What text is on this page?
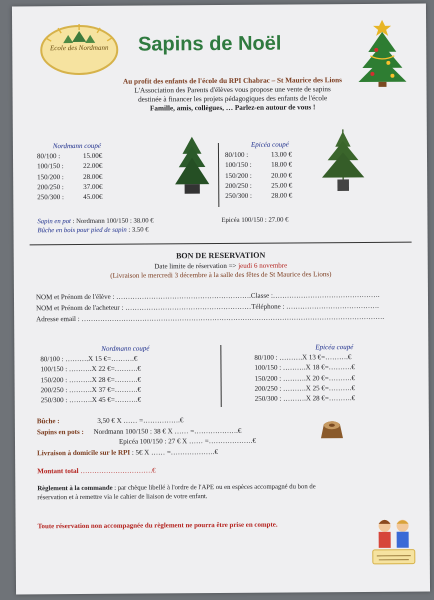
Ecole des Nordmann	Sapins de Noël
Au profit des enfants de l'école du RPI Chabrac – St Maurice des Lions
L'Association des Parents d'élèves vous propose une vente de sapins
destinée à financer les projets pédagogiques des enfants de l'école
Famille, amis, collègues, … Parlez-en autour de vous !
Nordmann coupé
80/100 :	15.00€
100/150 :	22.00€
150/200 :	28.00€
200/250 :	37.00€
250/300 :	45.00€
Epicéa coupé
80/100 :	13.00 €
100/150 :	18.00 €
150/200 :	20.00 €
200/250 :	25.00 €
250/300 :	28.00 €
Sapin en pot : Nordmann 100/150 : 38.00 €
Bûche en bois pour pied de sapin : 3.50 €
Epicéa 100/150 : 27.00 €
BON DE RESERVATION
Date limite de réservation => jeudi 6 novembre
(Livraison le mercredi 3 décembre à la salle des fêtes de St Maurice des Lions)
NOM et Prénom de l'élève : ………………………………………………….Classe :……………………………………….
NOM et Prénom de l'acheteur : ………………………………………………Téléphone : ………………………………….
Adresse email : ………………………………………………………………………………………………………………….
Nordmann coupé
80/100 : ……….X 15 €=……….€
100/150 : ……….X 22 €=……….€
150/200 : ……….X 28 €=……….€
200/250 : ……….X 37 €=……….€
250/300 : ……….X 45 €=……….€
Epicéa coupé
80/100 : ……….X 13 €=……….€
100/150 : ……….X 18 €=……….€
150/200 : ……….X 20 €=……….€
200/250 : ……….X 25 €=……….€
250/300 : ……….X 28 €=……….€
Bûche :	3,50 € X …… =…………….€
Sapins en pots : Nordmann 100/150 : 38 € X …… =……………….€
Epicéa 100/150 : 27 € X …… =……………….€
Livraison à domicile sur le RPI : 5€ X …… =……………….€
Montant total ………………………….€
Règlement à la commande : par chèque libellé à l'ordre de l'APE ou en espèces accompagné du bon de réservation et à remettre via le cahier de liaison de votre enfant.
Toute réservation non accompagnée du règlement ne pourra être prise en compte.
